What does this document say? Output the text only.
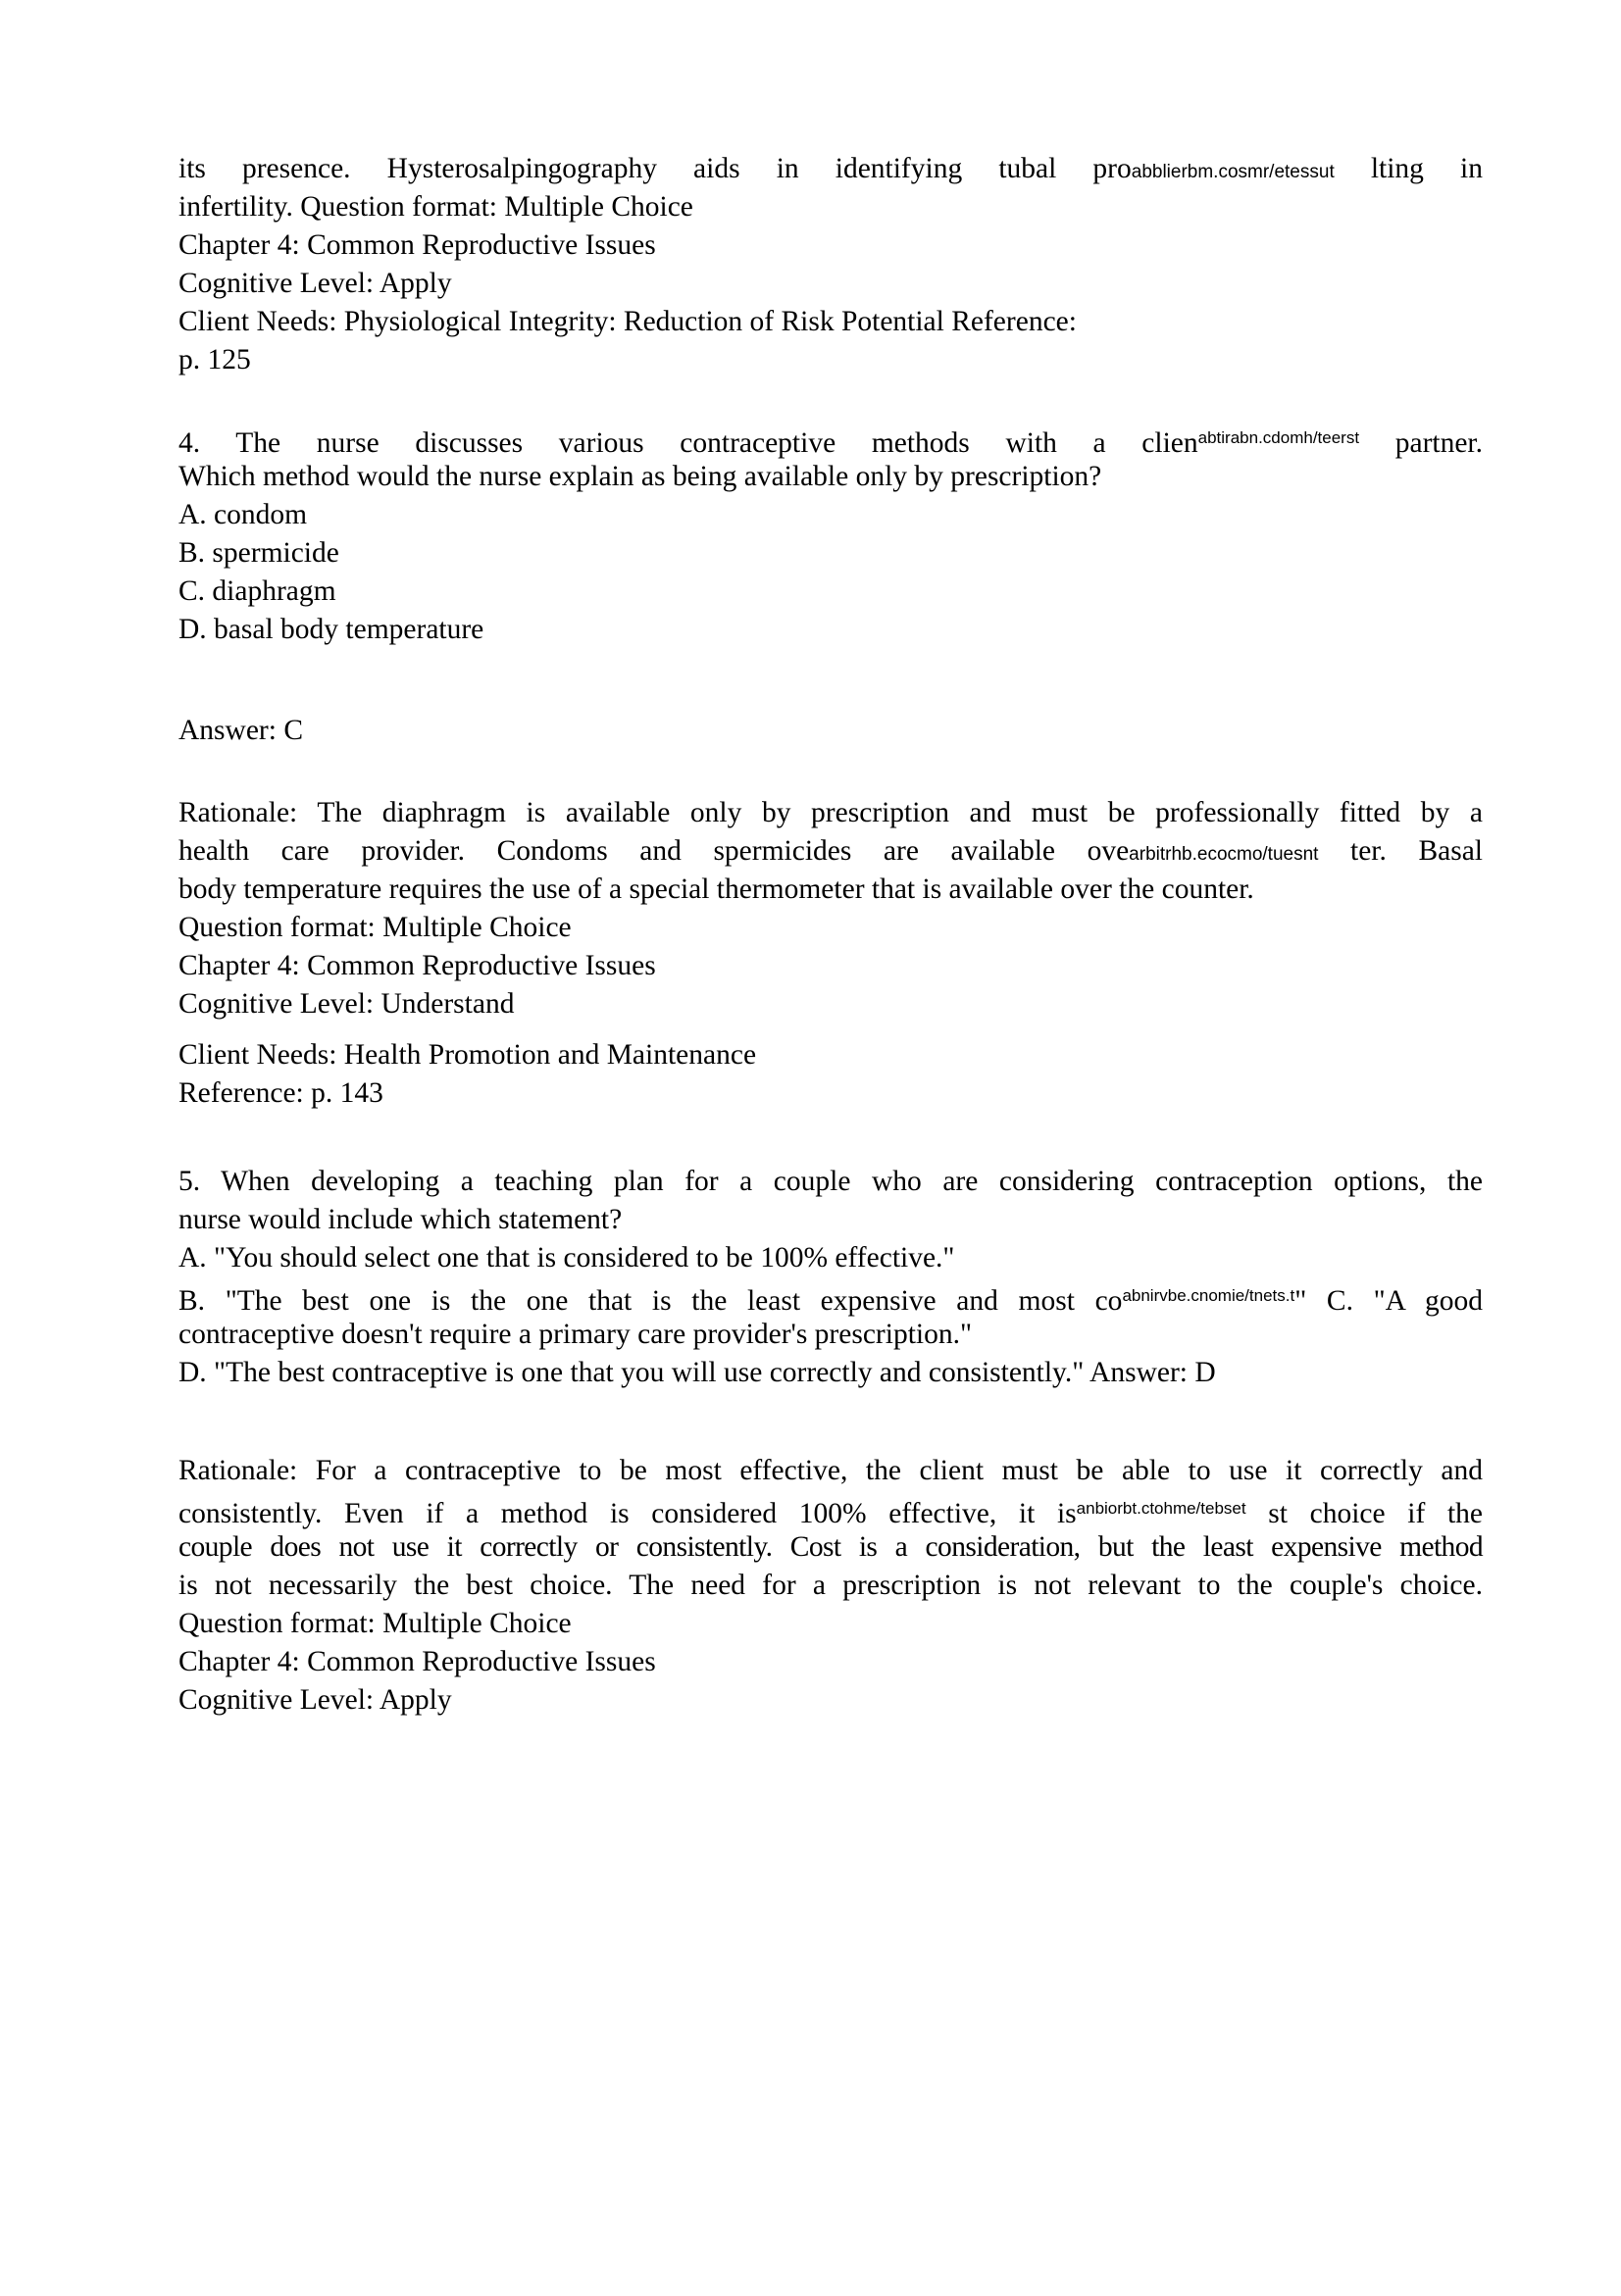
its presence. Hysterosalpingography aids in identifying tubal proabblierbm.cosmr/etessut lting in
infertility. Question format: Multiple Choice
Chapter 4: Common Reproductive Issues
Cognitive Level: Apply
Client Needs: Physiological Integrity: Reduction of Risk Potential Reference:
p. 125
4. The nurse discusses various contraceptive methods with a clien$^{abtirabn.cdomh/teerst}$ partner.
Which method would the nurse explain as being available only by prescription?
A. condom
B. spermicide
C. diaphragm
D. basal body temperature
Answer: C
Rationale: The diaphragm is available only by prescription and must be professionally fitted by a
health care provider. Condoms and spermicides are available ovearbitrhb.ecocmo/tuesnt ter. Basal
body temperature requires the use of a special thermometer that is available over the counter.
Question format: Multiple Choice
Chapter 4: Common Reproductive Issues
Cognitive Level: Understand
Client Needs: Health Promotion and Maintenance
Reference: p. 143
5. When developing a teaching plan for a couple who are considering contraception options, the
nurse would include which statement?
A. "You should select one that is considered to be 100% effective."
B. "The best one is the one that is the least expensive and most $co^{abnirvbe.cnomie/tnets.t}$" C. "A good
contraceptive doesn't require a primary care provider's prescription."
D. "The best contraceptive is one that you will use correctly and consistently." Answer: D
Rationale: For a contraceptive to be most effective, the client must be able to use it correctly and
consistently. Even if a method is considered 100% effective, it $is^{anbiorbt.ctohme/tebset}$ st choice if the
couple does not use it correctly or consistently. Cost is a consideration, but the least expensive method
is not necessarily the best choice. The need for a prescription is not relevant to the couple's choice.
Question format: Multiple Choice
Chapter 4: Common Reproductive Issues
Cognitive Level: Apply
